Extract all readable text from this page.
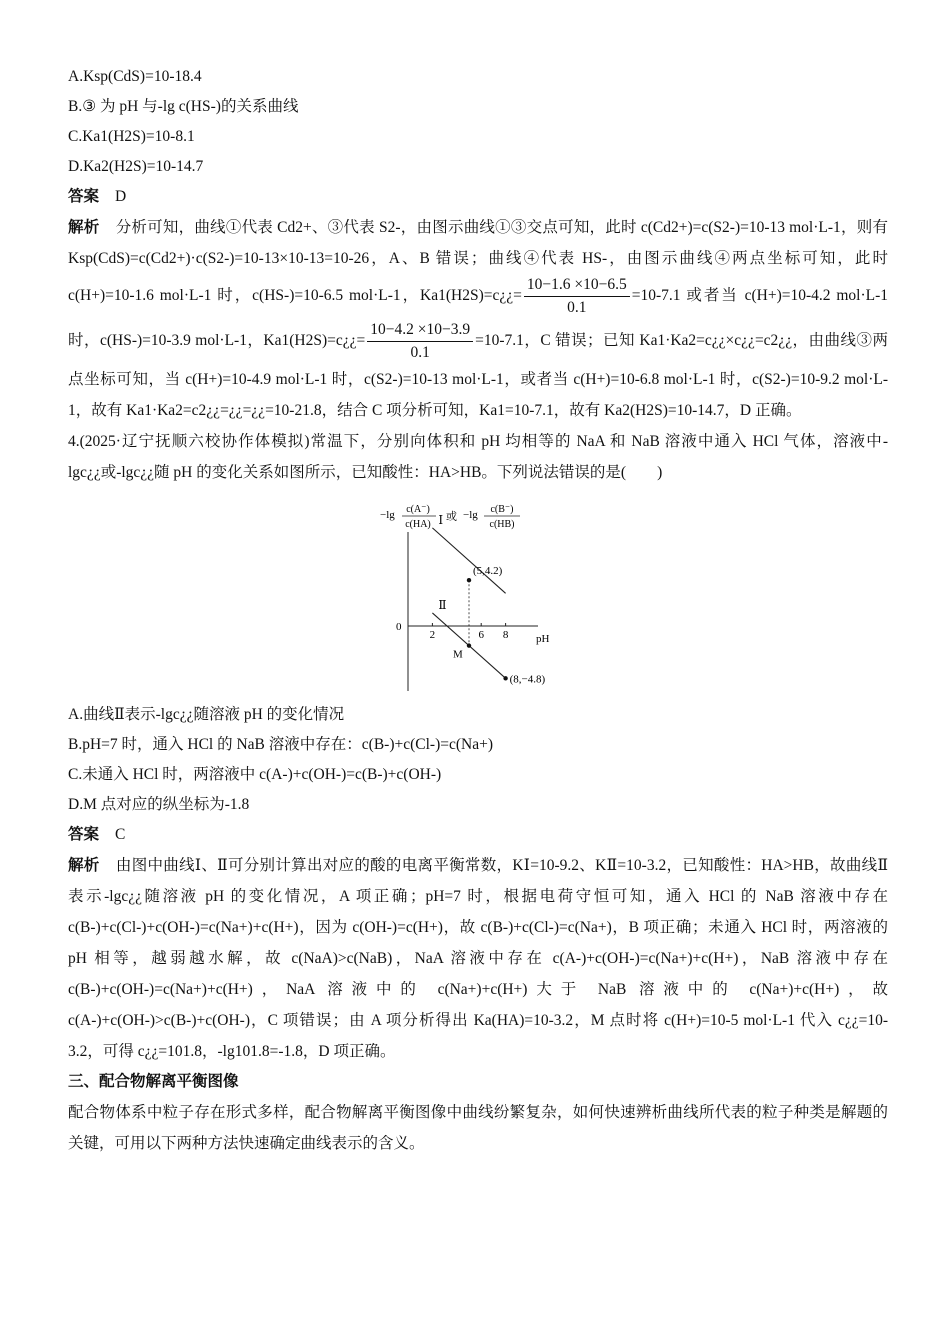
A.Ksp(CdS)=10-18.4
B.③ 为 pH 与-lg c(HS-)的关系曲线
C.Ka1(H2S)=10-8.1
D.Ka2(H2S)=10-14.7
答案 D
解析 分析可知，曲线①代表 Cd2+、③代表 S2-，由图示曲线①③交点可知，此时 c(Cd2+)=c(S2-)=10-13 mol·L-1，则有 Ksp(CdS)=c(Cd2+)·c(S2-)=10-13×10-13=10-26，A、B 错误；曲线④代表 HS-，由图示曲线④两点坐标可知，此时 c(H+)=10-1.6 mol·L-1 时，c(HS-)=10-6.5 mol·L-1，Ka1(H2S)=c¿¿= $\frac{10-1.6 \times 10-6.5}{0.1} =10-7.1$ 或者当 c(H+)=10-4.2 mol·L-1 时，c(HS-)=10-3.9 mol·L-1，Ka1(H2S)=c¿¿= $\frac{10-4.2 \times 10-3.9}{0.1} =10-7.1$，C 错误；已知 Ka1·Ka2=c¿¿×c¿¿=c2¿¿，由曲线③两点坐标可知，当 c(H+)=10-4.9 mol·L-1 时，c(S2-)=10-13 mol·L-1，或者当 c(H+)=10-6.8 mol·L-1 时，c(S2-)=10-9.2 mol·L-1，故有 Ka1·Ka2=c2¿¿=¿¿=¿¿=10-21.8，结合 C 项分析可知，Ka1=10-7.1，故有 Ka2(H2S)=10-14.7，D 正确。
4.(2025·辽宁抚顺六校协作体模拟)常温下，分别向体积和 pH 均相等的 NaA 和 NaB 溶液中通入 HCl 气体，溶液中-lgc¿¿或-lgc¿¿随 pH 的变化关系如图所示，已知酸性：HA>HB。下列说法错误的是(　　)
−lg c(A⁻)
c(HA)
或 −lg c(B⁻)
c(HB)
0
pH
2	6 8
Ⅰ
Ⅱ
(5,4.2)
M
(8,−4.8)
A.曲线Ⅱ表示-lgc¿¿随溶液 pH 的变化情况
B.pH=7 时，通入 HCl 的 NaB 溶液中存在：c(B-)+c(Cl-)=c(Na+)
C.未通入 HCl 时，两溶液中 c(A-)+c(OH-)=c(B-)+c(OH-)
D.M 点对应的纵坐标为-1.8
答案 C
解析 由图中曲线Ⅰ、Ⅱ可分别计算出对应的酸的电离平衡常数，KⅠ=10-9.2、KⅡ=10-3.2，已知酸性：HA>HB，故曲线Ⅱ表示-lgc¿¿随溶液 pH 的变化情况，A 项正确；pH=7 时，根据电荷守恒可知，通入 HCl 的 NaB 溶液中存在 c(B-)+c(Cl-)+c(OH-)=c(Na+)+c(H+)，因为 c(OH-)=c(H+)，故 c(B-)+c(Cl-)=c(Na+)，B 项正确；未通入 HCl 时，两溶液的 pH 相等，越弱越水解，故 c(NaA)>c(NaB)，NaA 溶液中存在 c(A-)+c(OH-)=c(Na+)+c(H+)，NaB 溶液中存在 c(B-)+c(OH-)=c(Na+)+c(H+)，NaA 溶液中的 c(Na+)+c(H+)大于 NaB 溶液中的 c(Na+)+c(H+)，故 c(A-)+c(OH-)>c(B-)+c(OH-)，C 项错误；由 A 项分析得出 Ka(HA)=10-3.2，M 点时将 c(H+)=10-5 mol·L-1 代入 c¿¿=10-3.2，可得 c¿¿=101.8，-lg101.8=-1.8，D 项正确。
三、配合物解离平衡图像
配合物体系中粒子存在形式多样，配合物解离平衡图像中曲线纷繁复杂，如何快速辨析曲线所代表的粒子种类是解题的关键，可用以下两种方法快速确定曲线表示的含义。
